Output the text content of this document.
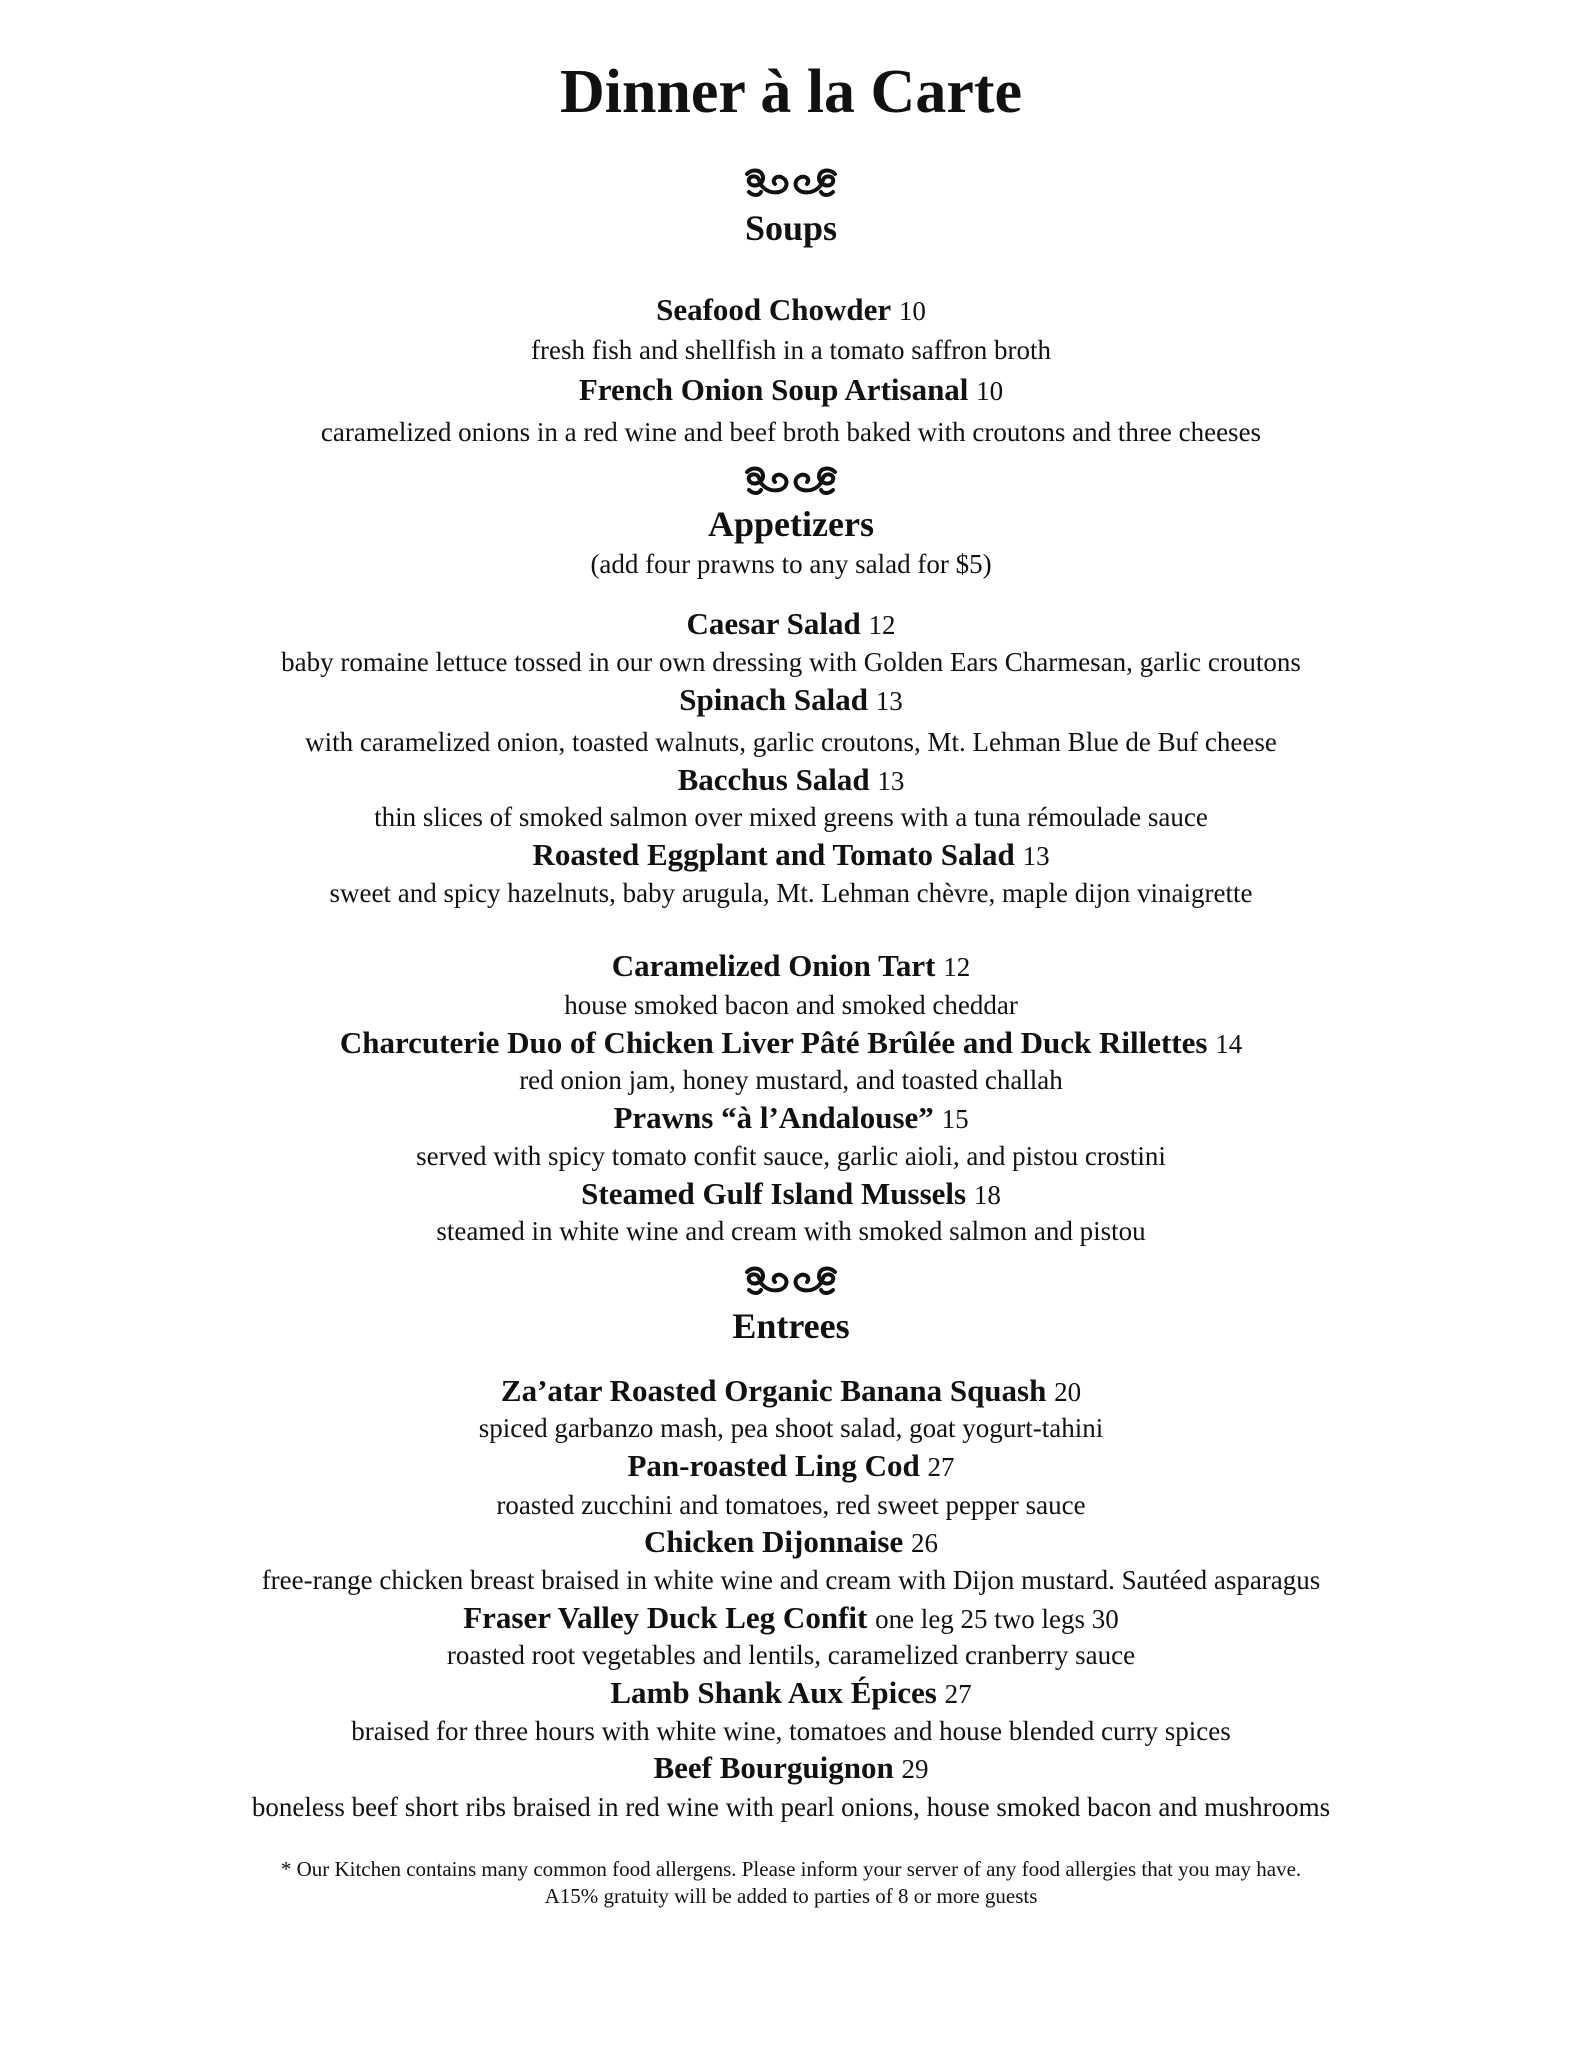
Dinner à la Carte
Soups
Seafood Chowder 10
fresh fish and shellfish in a tomato saffron broth
French Onion Soup Artisanal 10
caramelized onions in a red wine and beef broth baked with croutons and three cheeses
Appetizers
(add four prawns to any salad for $5)
Caesar Salad 12
baby romaine lettuce tossed in our own dressing with Golden Ears Charmesan, garlic croutons
Spinach Salad 13
with caramelized onion, toasted walnuts, garlic croutons, Mt. Lehman Blue de Buf cheese
Bacchus Salad 13
thin slices of smoked salmon over mixed greens with a tuna rémoulade sauce
Roasted Eggplant and Tomato Salad 13
sweet and spicy hazelnuts, baby arugula, Mt. Lehman chèvre, maple dijon vinaigrette
Caramelized Onion Tart 12
house smoked bacon and smoked cheddar
Charcuterie Duo of Chicken Liver Pâté Brûlée and Duck Rillettes 14
red onion jam, honey mustard, and toasted challah
Prawns “à l’Andalouse” 15
served with spicy tomato confit sauce, garlic aioli, and pistou crostini
Steamed Gulf Island Mussels 18
steamed in white wine and cream with smoked salmon and pistou
Entrees
Za’atar Roasted Organic Banana Squash 20
spiced garbanzo mash, pea shoot salad, goat yogurt-tahini
Pan-roasted Ling Cod 27
roasted zucchini and tomatoes, red sweet pepper sauce
Chicken Dijonnaise 26
free-range chicken breast braised in white wine and cream with Dijon mustard. Sautéed asparagus
Fraser Valley Duck Leg Confit one leg 25 two legs 30
roasted root vegetables and lentils, caramelized cranberry sauce
Lamb Shank Aux Épices 27
braised for three hours with white wine, tomatoes and house blended curry spices
Beef Bourguignon 29
boneless beef short ribs braised in red wine with pearl onions, house smoked bacon and mushrooms
* Our Kitchen contains many common food allergens. Please inform your server of any food allergies that you may have.
A15% gratuity will be added to parties of 8 or more guests
